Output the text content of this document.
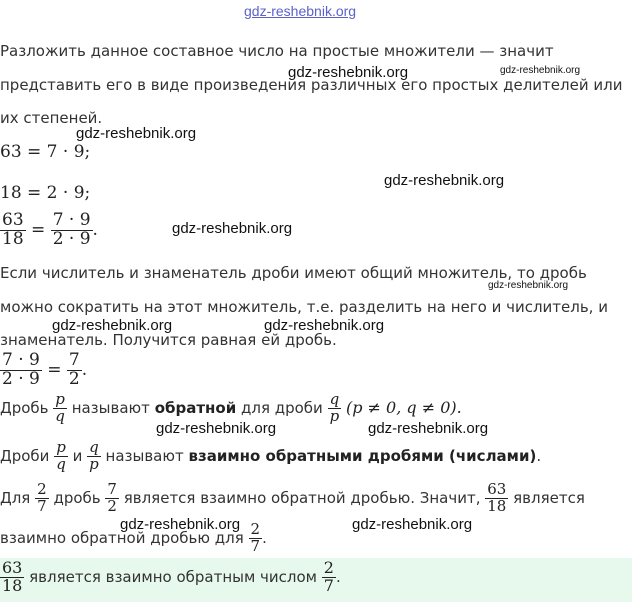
gdz-reshebnik.org
Разложить данное составное число на простые множители — значит
представить его в виде произведения различных его простых делителей или
их степеней.
63 = 7 · 9;
18 = 2 · 9;
$\frac{63}{18} = \frac{7 \cdot 9}{2 \cdot 9}$ .
Если числитель и знаменатель дроби имеют общий множитель, то дробь
можно сократить на этот множитель, т.е. разделить на него и числитель, и
знаменатель. Получится равная ей дробь.
$\frac{7 \cdot 9}{2 \cdot 9} = \frac{7}{2}$ .
Дробь $\frac{p}{q}$ называют обратной для дроби $\frac{q}{p} (p \ne 0$, q ≠ 0).
Дроби $\frac{p}{q}$ и $\frac{q}{p}$ называют взаимно обратными дробями (числами).
Для $\frac{2}{7}$ дробь $\frac{7}{2}$ является взаимно обратной дробью. Значит, $\frac{63}{18}$ является
взаимно обратной дробью для $\frac{2}{7}$ .
$\frac{63}{18}$ является взаимно обратным числом $\frac{2}{7}$ .
gdz-reshebnik.org	gdz-reshebnik.org
gdz-reshebnik.org
gdz-reshebnik.org
gdz-reshebnik.org
gdz-reshebnik.org
gdz-reshebnik.org	gdz-reshebnik.org
gdz-reshebnik.org	gdz-reshebnik.org
gdz-reshebnik.org	gdz-reshebnik.org
